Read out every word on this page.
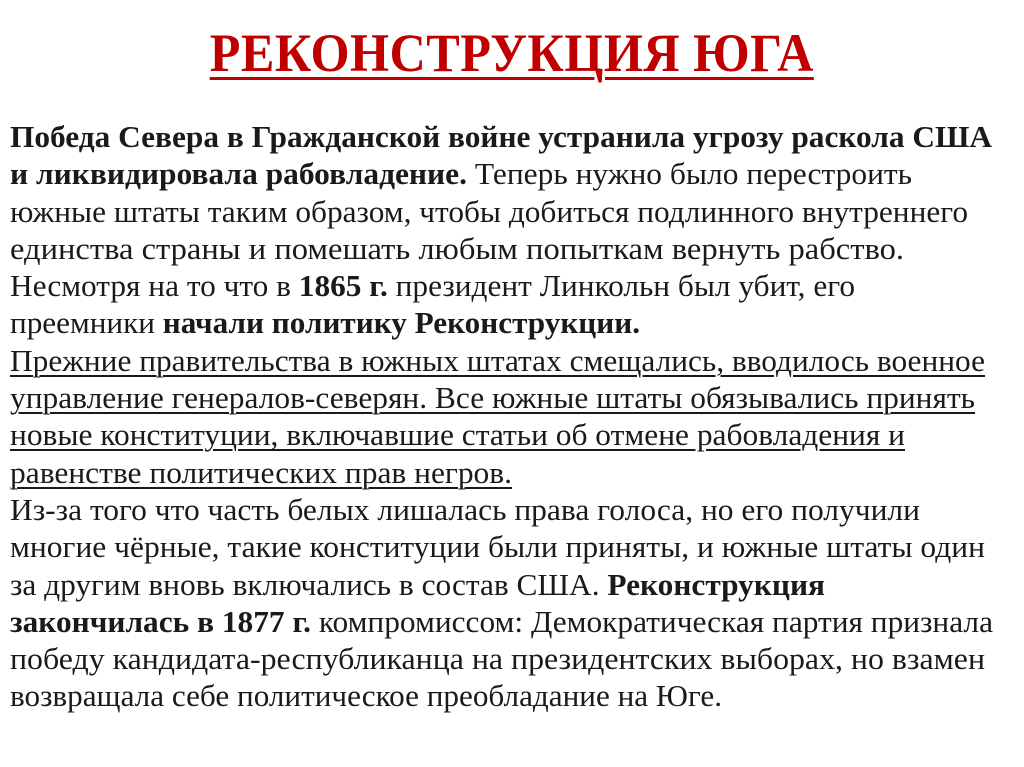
РЕКОНСТРУКЦИЯ ЮГА
Победа Севера в Гражданской войне устранила угрозу раскола США
и ликвидировала рабовладение. Теперь нужно было перестроить
южные штаты таким образом, чтобы добиться подлинного внутреннего
единства страны и помешать любым попыткам вернуть рабство.
Несмотря на то что в 1865 г. президент Линкольн был убит, его
преемники начали политику Реконструкции.
Прежние правительства в южных штатах смещались, вводилось военное
управление генералов-северян. Все южные штаты обязывались принять
новые конституции, включавшие статьи об отмене рабовладения и
равенстве политических прав негров.
Из-за того что часть белых лишалась права голоса, но его получили
многие чёрные, такие конституции были приняты, и южные штаты один
за другим вновь включались в состав США. Реконструкция
закончилась в 1877 г. компромиссом: Демократическая партия признала
победу кандидата-республиканца на президентских выборах, но взамен
возвращала себе политическое преобладание на Юге.
